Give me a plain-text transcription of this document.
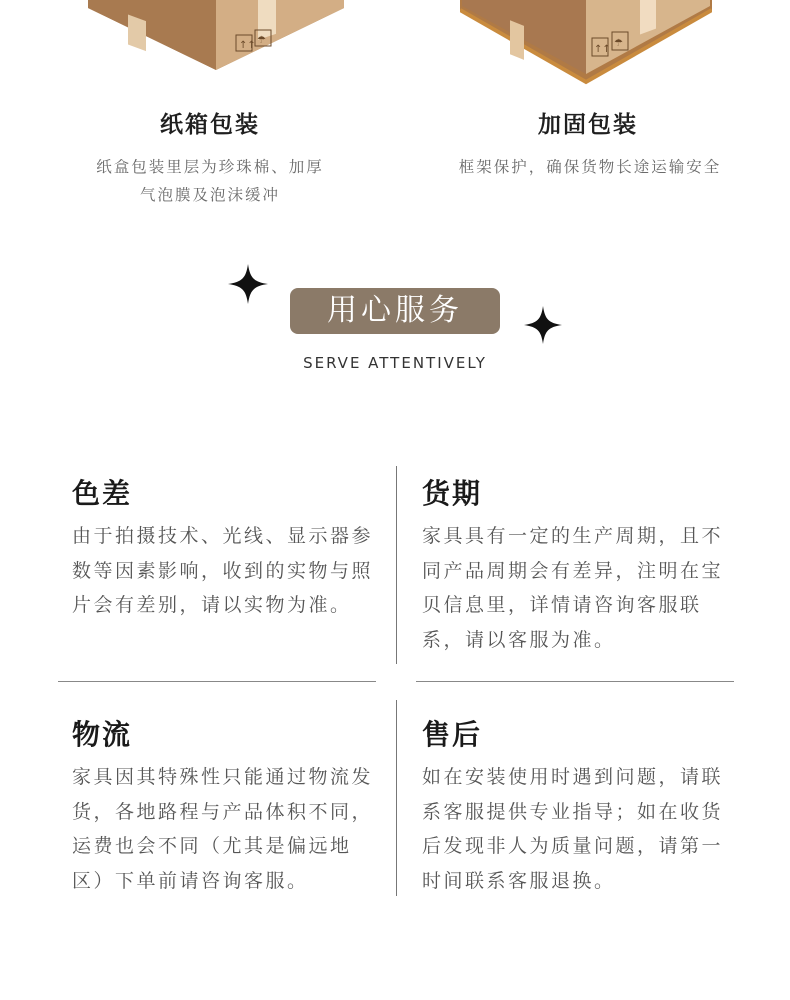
↑↑ ☂
↑↑
☂
纸箱包装	加固包装
纸盒包装里层为珍珠棉、加厚
气泡膜及泡沫缓冲
框架保护，确保货物长途运输安全
用心服务
SERVE ATTENTIVELY
色差
由于拍摄技术、光线、显示器参数等因素影响，收到的实物与照片会有差别，请以实物为准。
货期
家具具有一定的生产周期，且不同产品周期会有差异，注明在宝贝信息里，详情请咨询客服联系，请以客服为准。
物流
家具因其特殊性只能通过物流发货，各地路程与产品体积不同，运费也会不同（尤其是偏远地区）下单前请咨询客服。
售后
如在安装使用时遇到问题，请联系客服提供专业指导；如在收货后发现非人为质量问题，请第一时间联系客服退换。
